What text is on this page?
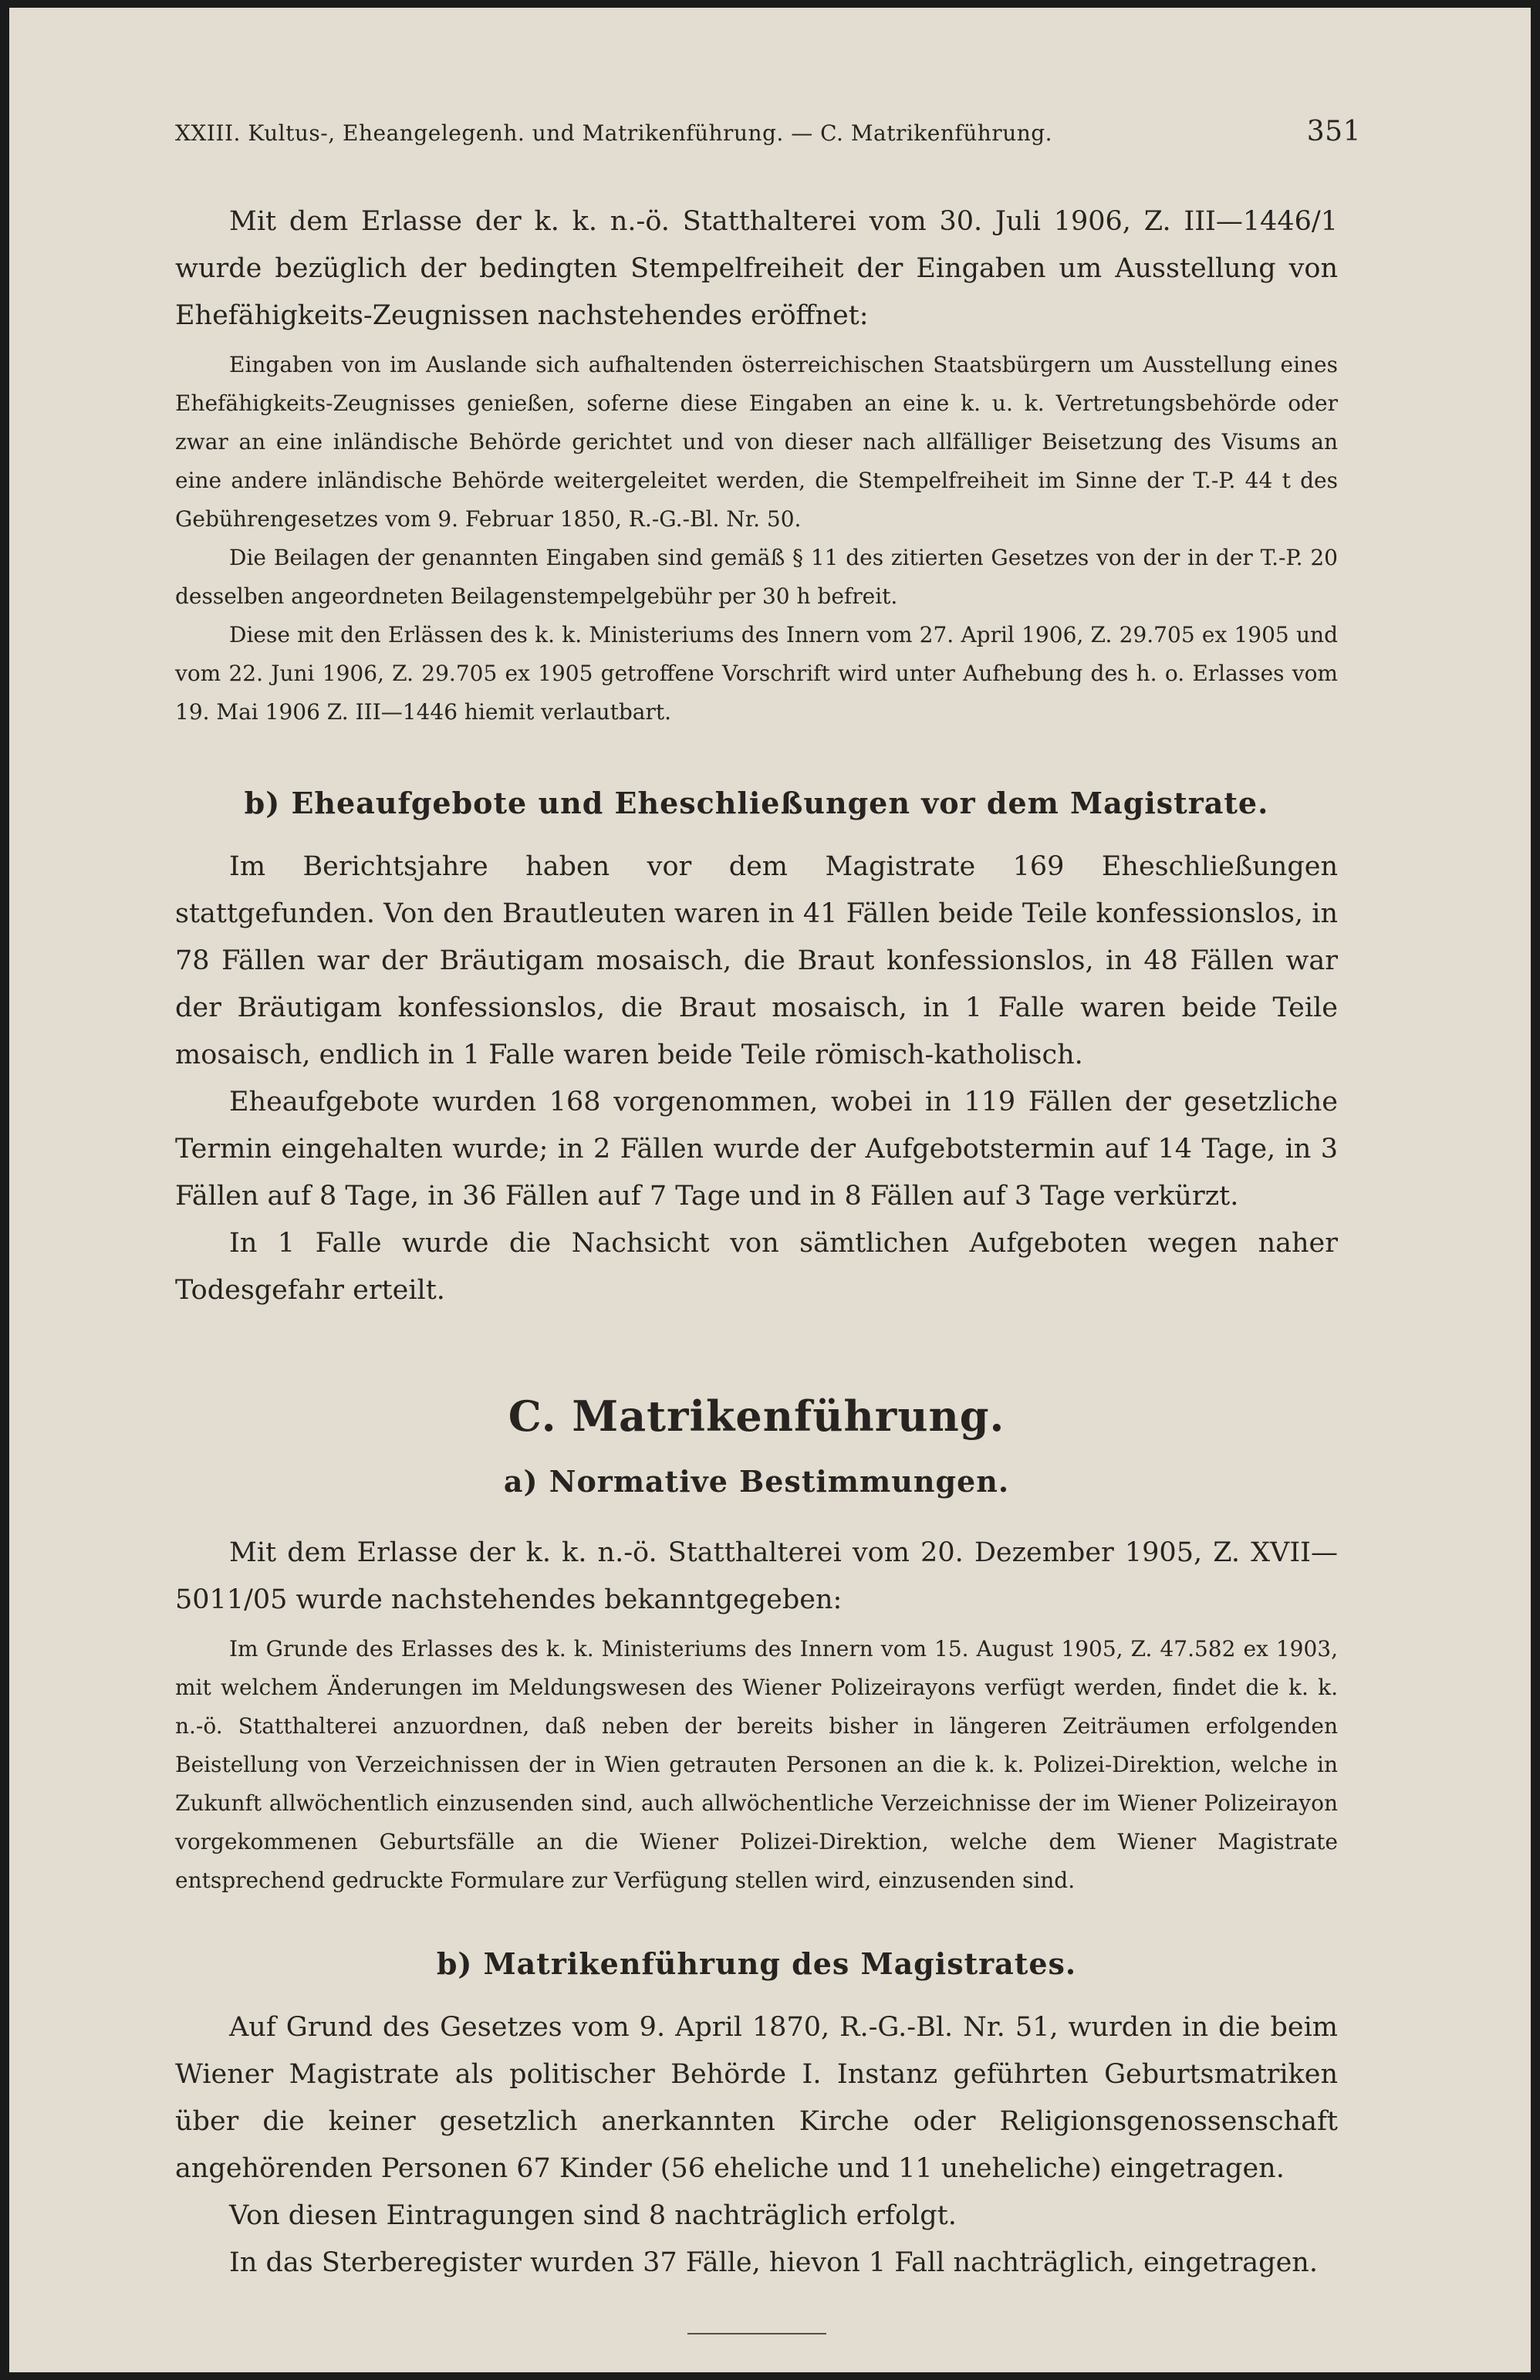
XXIII. Kultus-, Eheangelegenh. und Matrikenführung. — C. Matrikenführung.	351

Mit dem Erlasse der k. k. n.-ö. Statthalterei vom 30. Juli 1906, Z. III—1446/1 wurde bezüglich der bedingten Stempelfreiheit der Eingaben um Ausstellung von Ehefähigkeits-Zeugnissen nachstehendes eröffnet:

Eingaben von im Auslande sich aufhaltenden österreichischen Staatsbürgern um Ausstellung eines Ehefähigkeits-Zeugnisses genießen, soferne diese Eingaben an eine k. u. k. Vertretungsbehörde oder zwar an eine inländische Behörde gerichtet und von dieser nach allfälliger Beisetzung des Visums an eine andere inländische Behörde weitergeleitet werden, die Stempelfreiheit im Sinne der T.-P. 44 t des Gebührengesetzes vom 9. Februar 1850, R.-G.-Bl. Nr. 50.

Die Beilagen der genannten Eingaben sind gemäß § 11 des zitierten Gesetzes von der in der T.-P. 20 desselben angeordneten Beilagenstempelgebühr per 30 h befreit.

Diese mit den Erlässen des k. k. Ministeriums des Innern vom 27. April 1906, Z. 29.705 ex 1905 und vom 22. Juni 1906, Z. 29.705 ex 1905 getroffene Vorschrift wird unter Aufhebung des h. o. Erlasses vom 19. Mai 1906 Z. III—1446 hiemit verlautbart.

b) Eheaufgebote und Eheschließungen vor dem Magistrate.

Im Berichtsjahre haben vor dem Magistrate 169 Eheschließungen stattgefunden. Von den Brautleuten waren in 41 Fällen beide Teile konfessionslos, in 78 Fällen war der Bräutigam mosaisch, die Braut konfessionslos, in 48 Fällen war der Bräutigam konfessionslos, die Braut mosaisch, in 1 Falle waren beide Teile mosaisch, endlich in 1 Falle waren beide Teile römisch-katholisch.

Eheaufgebote wurden 168 vorgenommen, wobei in 119 Fällen der gesetzliche Termin eingehalten wurde; in 2 Fällen wurde der Aufgebotstermin auf 14 Tage, in 3 Fällen auf 8 Tage, in 36 Fällen auf 7 Tage und in 8 Fällen auf 3 Tage verkürzt.

In 1 Falle wurde die Nachsicht von sämtlichen Aufgeboten wegen naher Todesgefahr erteilt.

C. Matrikenführung.
a) Normative Bestimmungen.

Mit dem Erlasse der k. k. n.-ö. Statthalterei vom 20. Dezember 1905, Z. XVII—5011/05 wurde nachstehendes bekanntgegeben:

Im Grunde des Erlasses des k. k. Ministeriums des Innern vom 15. August 1905, Z. 47.582 ex 1903, mit welchem Änderungen im Meldungswesen des Wiener Polizeirayons verfügt werden, findet die k. k. n.-ö. Statthalterei anzuordnen, daß neben der bereits bisher in längeren Zeiträumen erfolgenden Beistellung von Verzeichnissen der in Wien getrauten Personen an die k. k. Polizei-Direktion, welche in Zukunft allwöchentlich einzusenden sind, auch allwöchentliche Verzeichnisse der im Wiener Polizeirayon vorgekommenen Geburtsfälle an die Wiener Polizei-Direktion, welche dem Wiener Magistrate entsprechend gedruckte Formulare zur Verfügung stellen wird, einzusenden sind.

b) Matrikenführung des Magistrates.

Auf Grund des Gesetzes vom 9. April 1870, R.-G.-Bl. Nr. 51, wurden in die beim Wiener Magistrate als politischer Behörde I. Instanz geführten Geburtsmatriken über die keiner gesetzlich anerkannten Kirche oder Religionsgenossenschaft angehörenden Personen 67 Kinder (56 eheliche und 11 uneheliche) eingetragen.

Von diesen Eintragungen sind 8 nachträglich erfolgt.

In das Sterberegister wurden 37 Fälle, hievon 1 Fall nachträglich, eingetragen.
